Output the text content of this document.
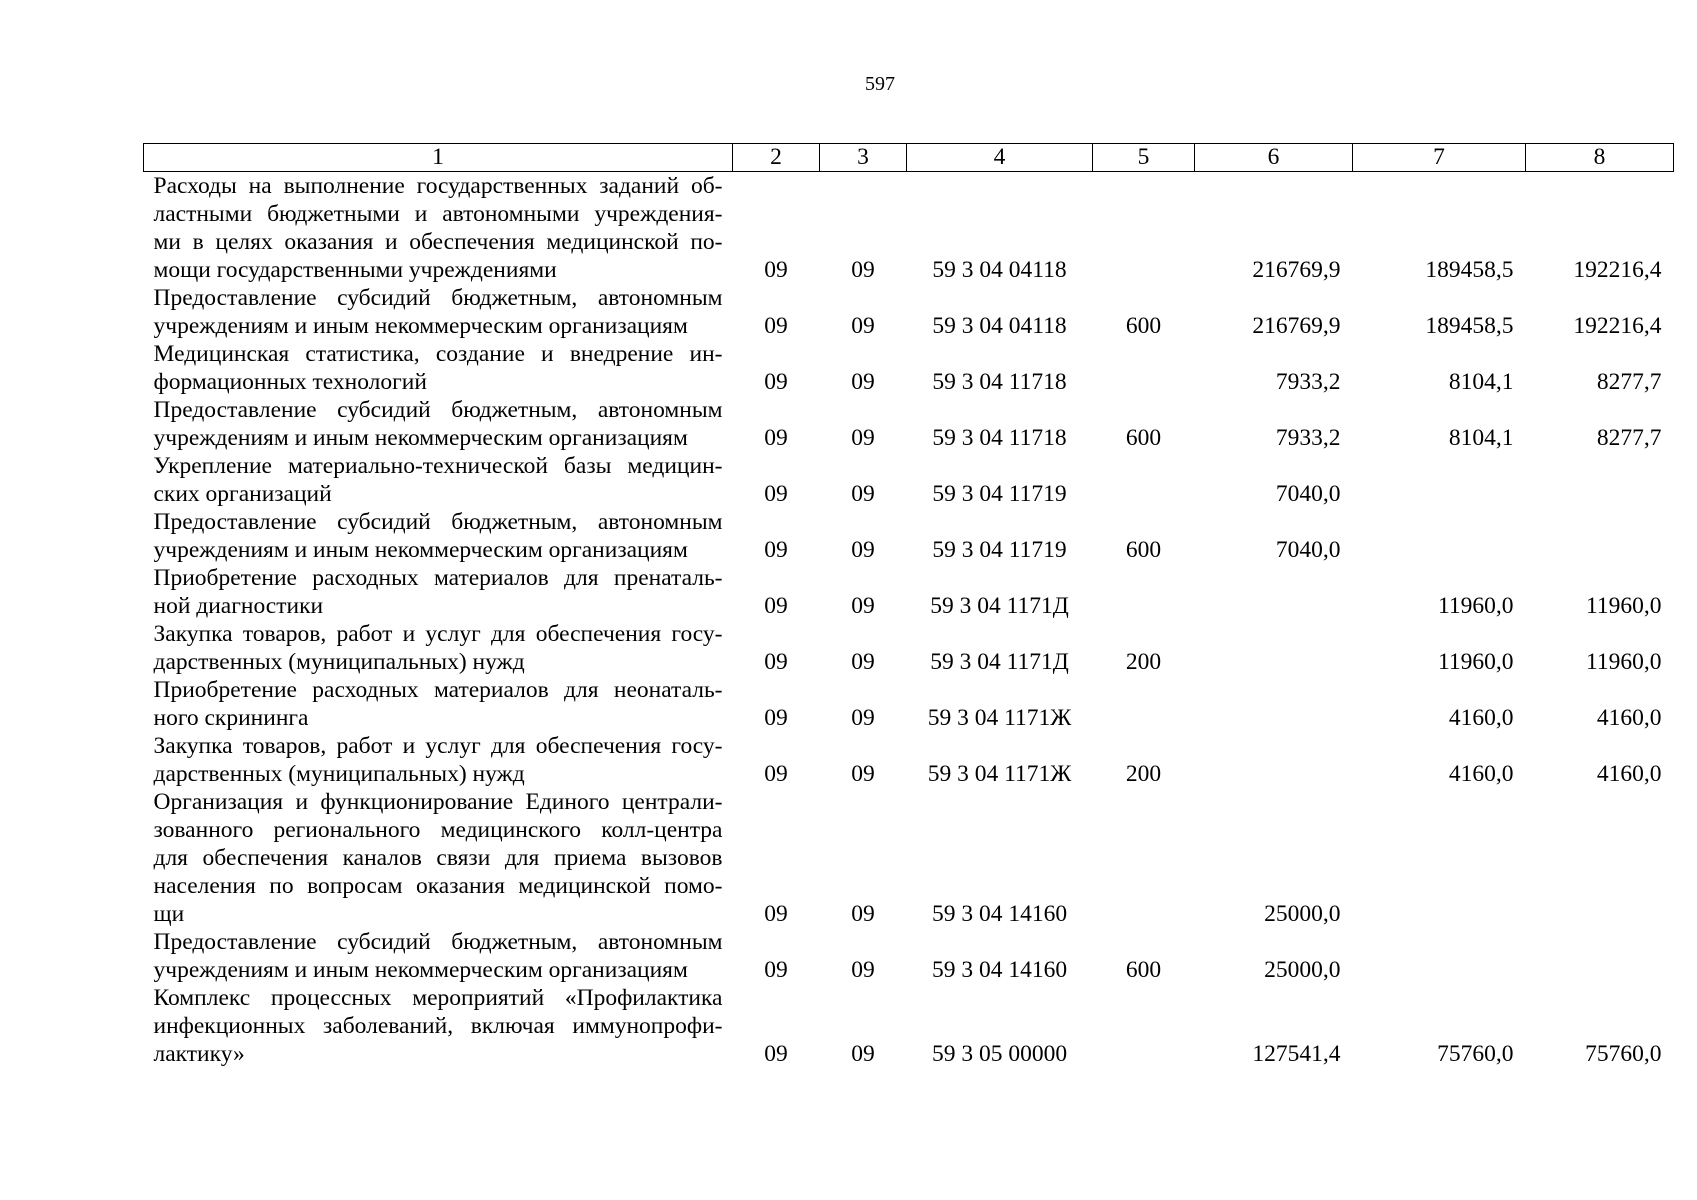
597
1	2	3	4	5	6	7	8

Расходы на выполнение государственных заданий об-
ластными бюджетными и автономными учреждения-
ми в целях оказания и обеспечения медицинской по-
мощи государственными учреждениями	09	09	59 3 04 04118		216769,9	189458,5	192216,4

Предоставление субсидий бюджетным, автономным
учреждениям и иным некоммерческим организациям	09	09	59 3 04 04118	600	216769,9	189458,5	192216,4

Медицинская статистика, создание и внедрение ин-
формационных технологий	09	09	59 3 04 11718		7933,2	8104,1	8277,7

Предоставление субсидий бюджетным, автономным
учреждениям и иным некоммерческим организациям	09	09	59 3 04 11718	600	7933,2	8104,1	8277,7

Укрепление материально-технической базы медицин-
ских организаций	09	09	59 3 04 11719		7040,0		

Предоставление субсидий бюджетным, автономным
учреждениям и иным некоммерческим организациям	09	09	59 3 04 11719	600	7040,0		

Приобретение расходных материалов для пренаталь-
ной диагностики	09	09	59 3 04 1171Д			11960,0	11960,0

Закупка товаров, работ и услуг для обеспечения госу-
дарственных (муниципальных) нужд	09	09	59 3 04 1171Д	200		11960,0	11960,0

Приобретение расходных материалов для неонаталь-
ного скрининга	09	09	59 3 04 1171Ж			4160,0	4160,0

Закупка товаров, работ и услуг для обеспечения госу-
дарственных (муниципальных) нужд	09	09	59 3 04 1171Ж	200		4160,0	4160,0

Организация и функционирование Единого централи-
зованного регионального медицинского колл-центра
для обеспечения каналов связи для приема вызовов
населения по вопросам оказания медицинской помо-
щи	09	09	59 3 04 14160		25000,0		

Предоставление субсидий бюджетным, автономным
учреждениям и иным некоммерческим организациям	09	09	59 3 04 14160	600	25000,0		

Комплекс процессных мероприятий «Профилактика
инфекционных заболеваний, включая иммунопрофи-
лактику»	09	09	59 3 05 00000		127541,4	75760,0	75760,0
